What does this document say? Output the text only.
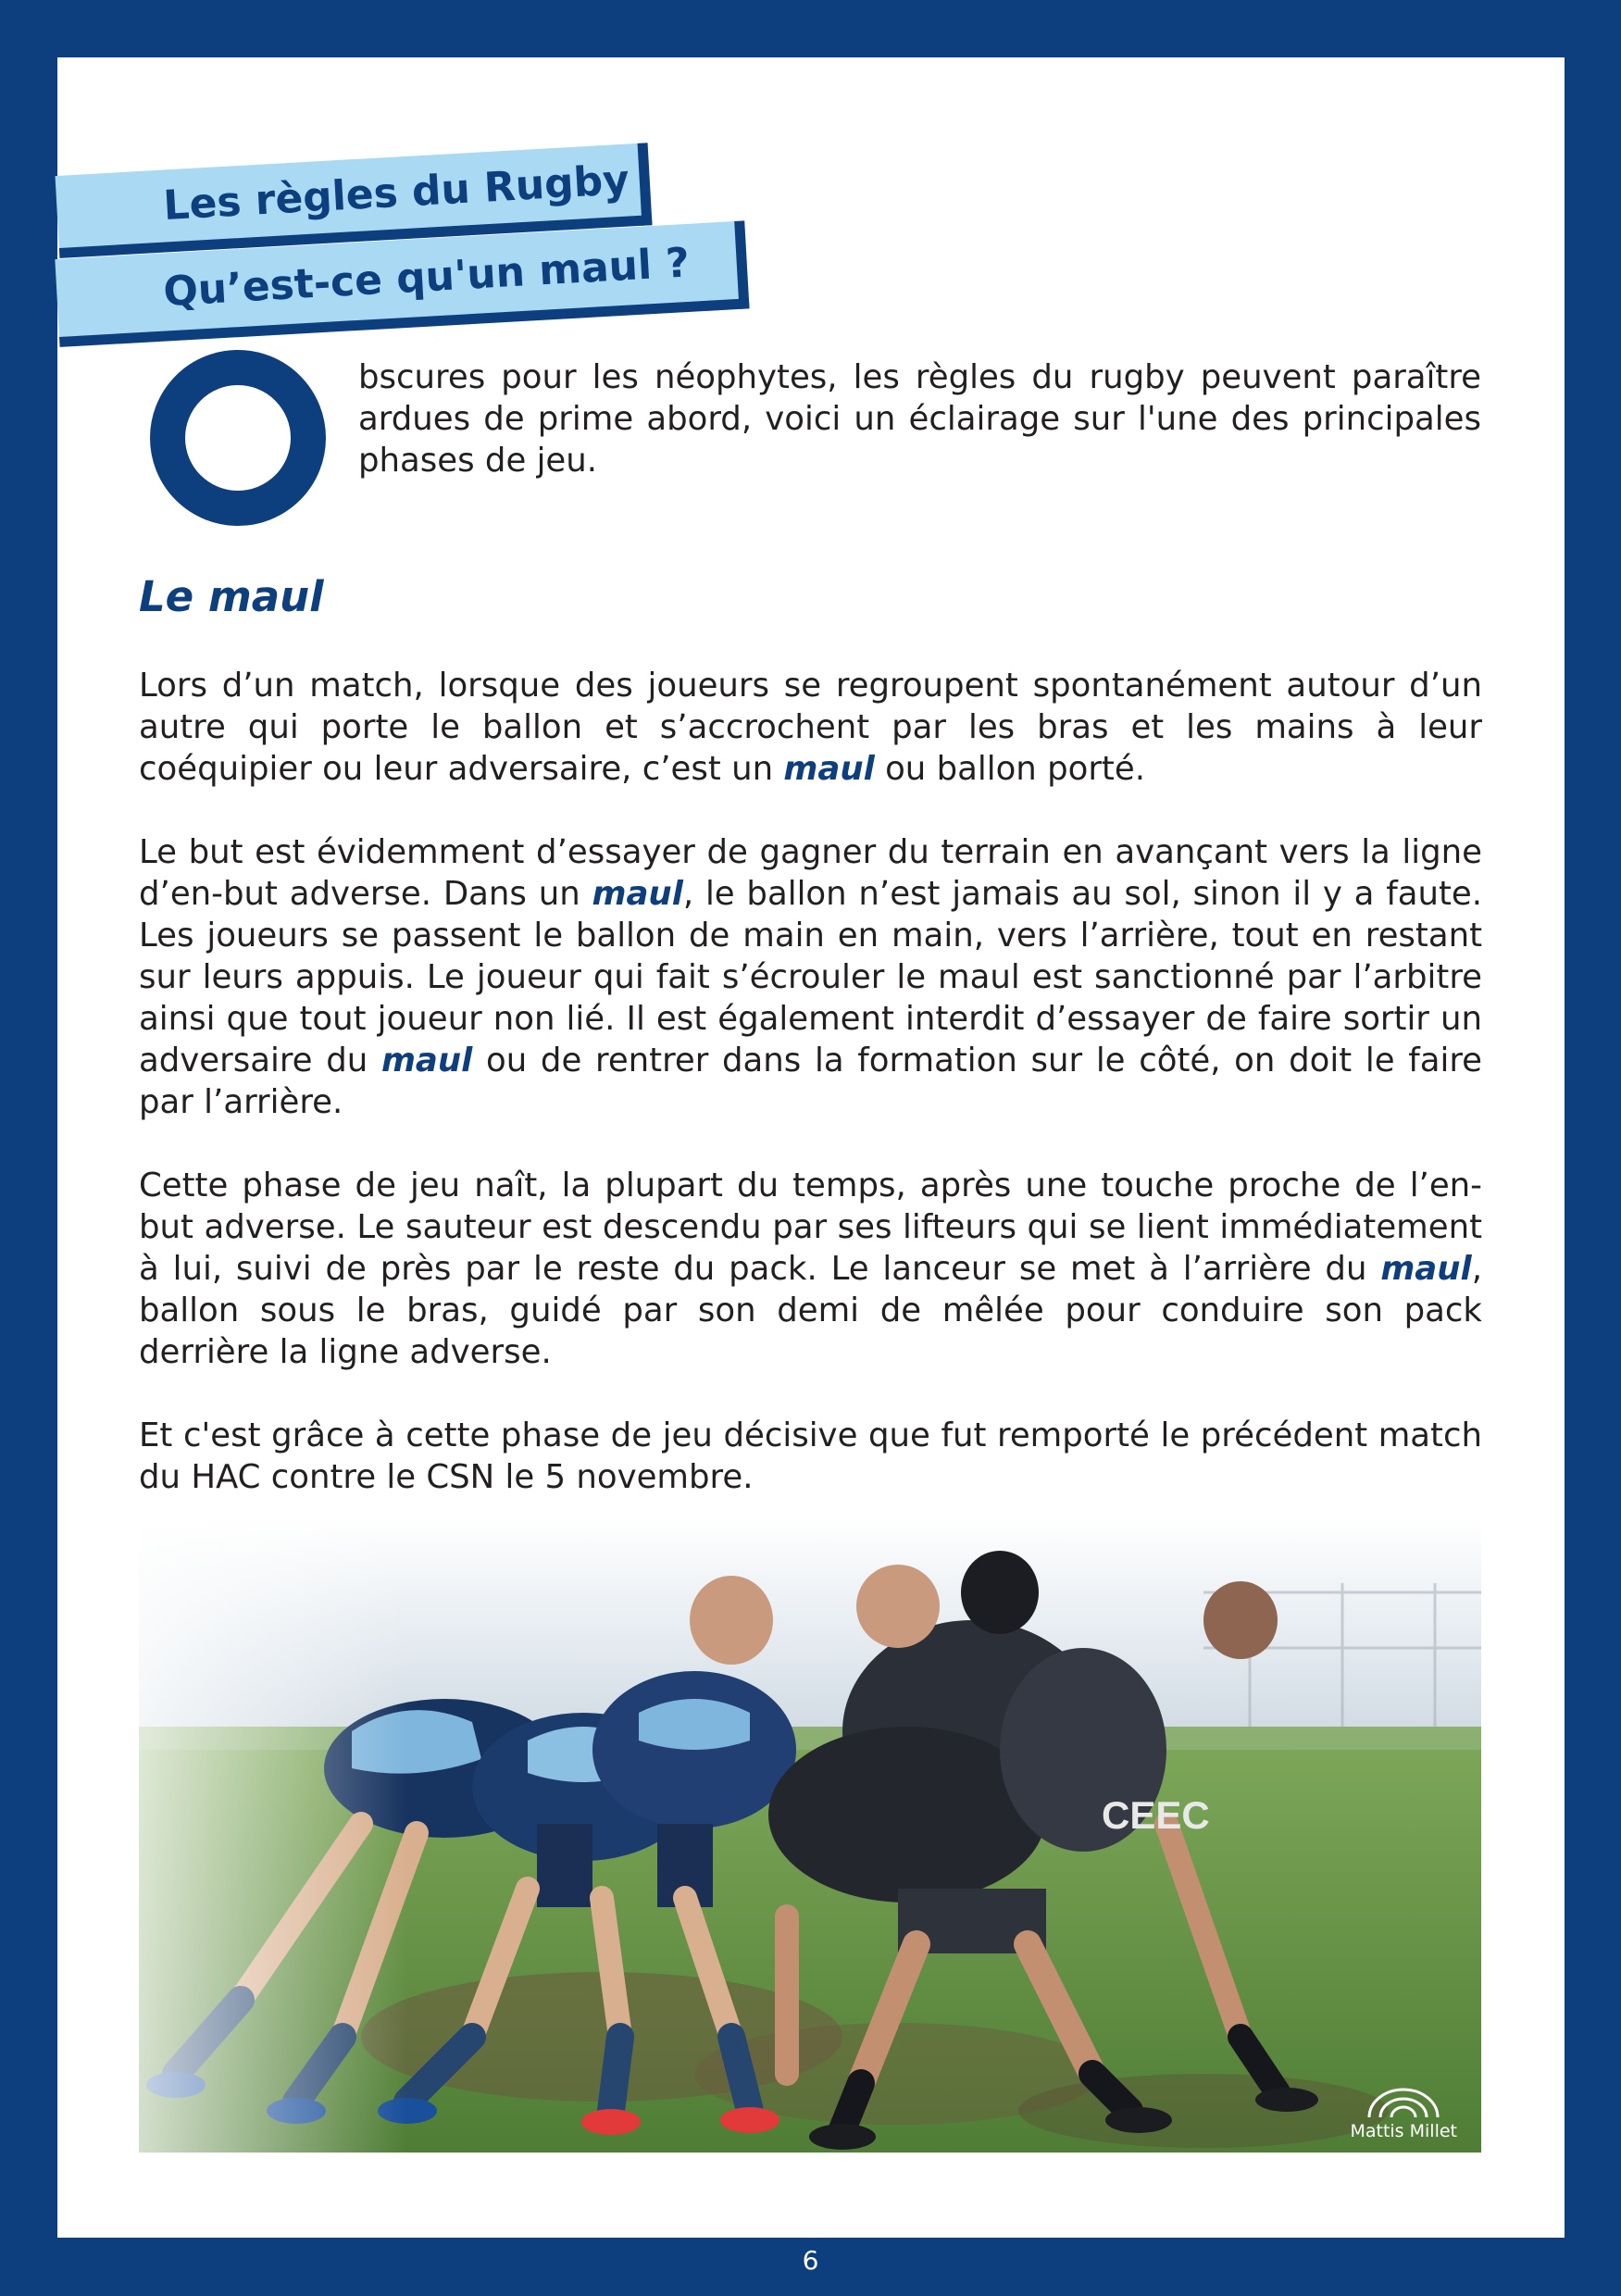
Les règles du Rugby
Qu’est-ce qu'un maul ?

bscures pour les néophytes, les règles du rugby peuvent paraître ardues de prime abord, voici un éclairage sur l'une des principales phases de jeu.

Le maul

Lors d’un match, lorsque des joueurs se regroupent spontanément autour d’un autre qui porte le ballon et s’accrochent par les bras et les mains à leur coéquipier ou leur adversaire, c’est un maul ou ballon porté.

Le but est évidemment d’essayer de gagner du terrain en avançant vers la ligne d’en-but adverse. Dans un maul, le ballon n’est jamais au sol, sinon il y a faute. Les joueurs se passent le ballon de main en main, vers l’arrière, tout en restant sur leurs appuis. Le joueur qui fait s’écrouler le maul est sanctionné par l’arbitre ainsi que tout joueur non lié. Il est également interdit d’essayer de faire sortir un adversaire du maul ou de rentrer dans la formation sur le côté, on doit le faire par l’arrière.

Cette phase de jeu naît, la plupart du temps, après une touche proche de l’en-but adverse. Le sauteur est descendu par ses lifteurs qui se lient immédiatement à lui, suivi de près par le reste du pack. Le lanceur se met à l’arrière du maul, ballon sous le bras, guidé par son demi de mêlée pour conduire son pack derrière la ligne adverse.

Et c'est grâce à cette phase de jeu décisive que fut remporté le précédent match du HAC contre le CSN le 5 novembre.

Mattis Millet
6
